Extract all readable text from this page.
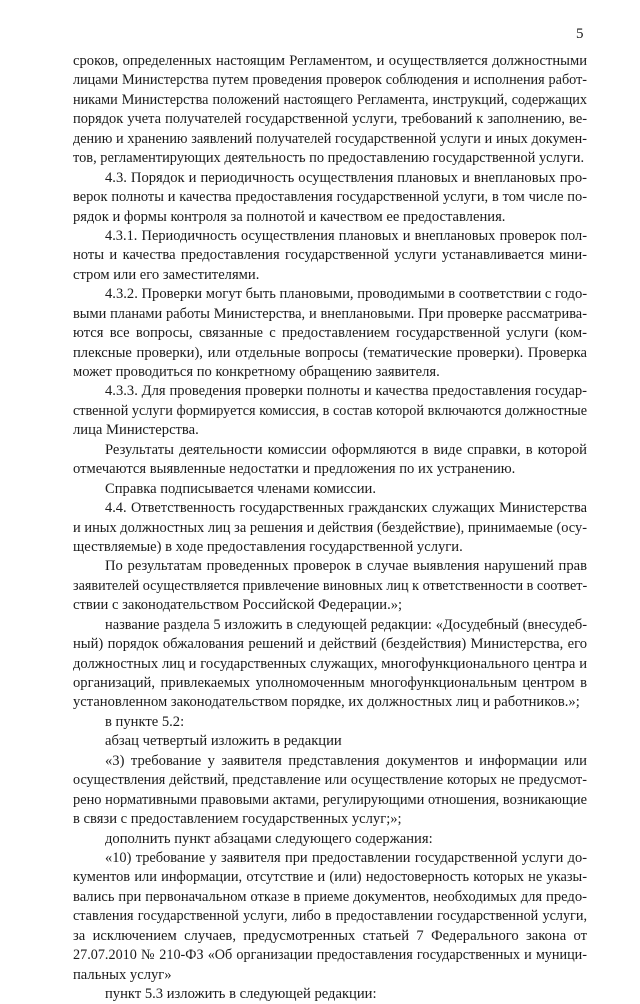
5
сроков, определенных настоящим Регламентом, и осуществляется должностными
лицами Министерства путем проведения проверок соблюдения и исполнения работ-
никами Министерства положений настоящего Регламента, инструкций, содержащих
порядок учета получателей государственной услуги, требований к заполнению, ве-
дению и хранению заявлений получателей государственной услуги и иных докумен-
тов, регламентирующих деятельность по предоставлению государственной услуги.
4.3. Порядок и периодичность осуществления плановых и внеплановых про-
верок полноты и качества предоставления государственной услуги, в том числе по-
рядок и формы контроля за полнотой и качеством ее предоставления.
4.3.1. Периодичность осуществления плановых и внеплановых проверок пол-
ноты и качества предоставления государственной услуги устанавливается мини-
стром или его заместителями.
4.3.2. Проверки могут быть плановыми, проводимыми в соответствии с годо-
выми планами работы Министерства, и внеплановыми. При проверке рассматрива-
ются все вопросы, связанные с предоставлением государственной услуги (ком-
плексные проверки), или отдельные вопросы (тематические проверки). Проверка
может проводиться по конкретному обращению заявителя.
4.3.3. Для проведения проверки полноты и качества предоставления государ-
ственной услуги формируется комиссия, в состав которой включаются должностные
лица Министерства.
Результаты деятельности комиссии оформляются в виде справки, в которой
отмечаются выявленные недостатки и предложения по их устранению.
Справка подписывается членами комиссии.
4.4. Ответственность государственных гражданских служащих Министерства
и иных должностных лиц за решения и действия (бездействие), принимаемые (осу-
ществляемые) в ходе предоставления государственной услуги.
По результатам проведенных проверок в случае выявления нарушений прав
заявителей осуществляется привлечение виновных лиц к ответственности в соответ-
ствии с законодательством Российской Федерации.»;
название раздела 5 изложить в следующей редакции: «Досудебный (внесудеб-
ный) порядок обжалования решений и действий (бездействия) Министерства, его
должностных лиц и государственных служащих, многофункционального центра и
организаций, привлекаемых уполномоченным многофункциональным центром в
установленном законодательством порядке, их должностных лиц и работников.»;
в пункте 5.2:
абзац четвертый изложить в редакции
«3) требование у заявителя представления документов и информации или
осуществления действий, представление или осуществление которых не предусмот-
рено нормативными правовыми актами, регулирующими отношения, возникающие
в связи с предоставлением государственных услуг;»;
дополнить пункт абзацами следующего содержания:
«10) требование у заявителя при предоставлении государственной услуги до-
кументов или информации, отсутствие и (или) недостоверность которых не указы-
вались при первоначальном отказе в приеме документов, необходимых для предо-
ставления государственной услуги, либо в предоставлении государственной услуги,
за исключением случаев, предусмотренных статьей 7 Федерального закона от
27.07.2010 № 210-ФЗ «Об организации предоставления государственных и муници-
пальных услуг»
пункт 5.3 изложить в следующей редакции:
